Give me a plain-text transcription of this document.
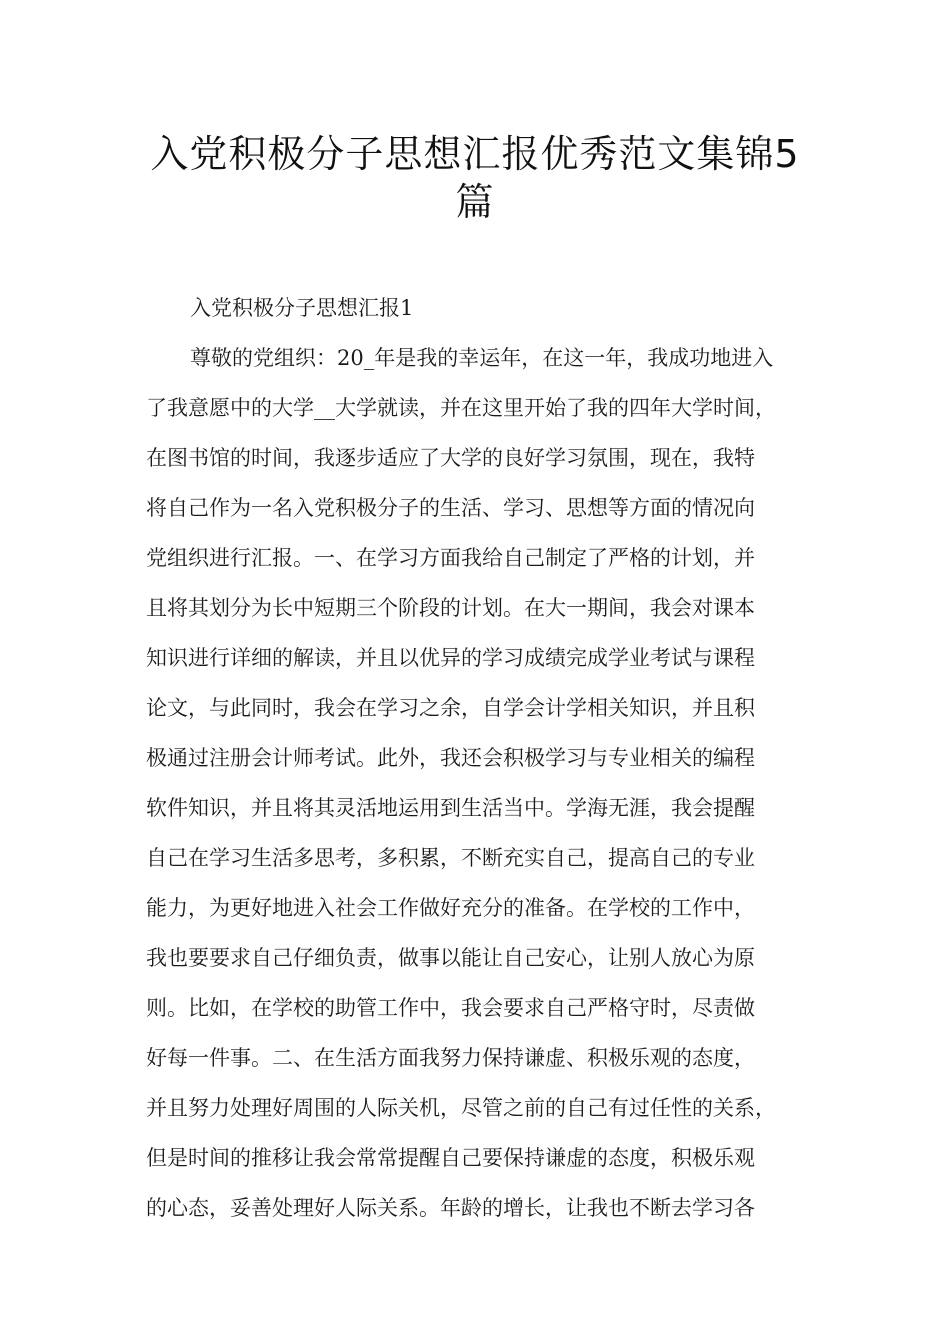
入党积极分子思想汇报优秀范文集锦5篇
入党积极分子思想汇报1
尊敬的党组织：20_年是我的幸运年，在这一年，我成功地进入
了我意愿中的大学__大学就读，并在这里开始了我的四年大学时间，
在图书馆的时间，我逐步适应了大学的良好学习氛围，现在，我特
将自己作为一名入党积极分子的生活、学习、思想等方面的情况向
党组织进行汇报。一、在学习方面我给自己制定了严格的计划，并
且将其划分为长中短期三个阶段的计划。在大一期间，我会对课本
知识进行详细的解读，并且以优异的学习成绩完成学业考试与课程
论文，与此同时，我会在学习之余，自学会计学相关知识，并且积
极通过注册会计师考试。此外，我还会积极学习与专业相关的编程
软件知识，并且将其灵活地运用到生活当中。学海无涯，我会提醒
自己在学习生活多思考，多积累，不断充实自己，提高自己的专业
能力，为更好地进入社会工作做好充分的准备。在学校的工作中，
我也要要求自己仔细负责，做事以能让自己安心，让别人放心为原
则。比如，在学校的助管工作中，我会要求自己严格守时，尽责做
好每一件事。二、在生活方面我努力保持谦虚、积极乐观的态度，
并且努力处理好周围的人际关机，尽管之前的自己有过任性的关系，
但是时间的推移让我会常常提醒自己要保持谦虚的态度，积极乐观
的心态，妥善处理好人际关系。年龄的增长，让我也不断去学习各
